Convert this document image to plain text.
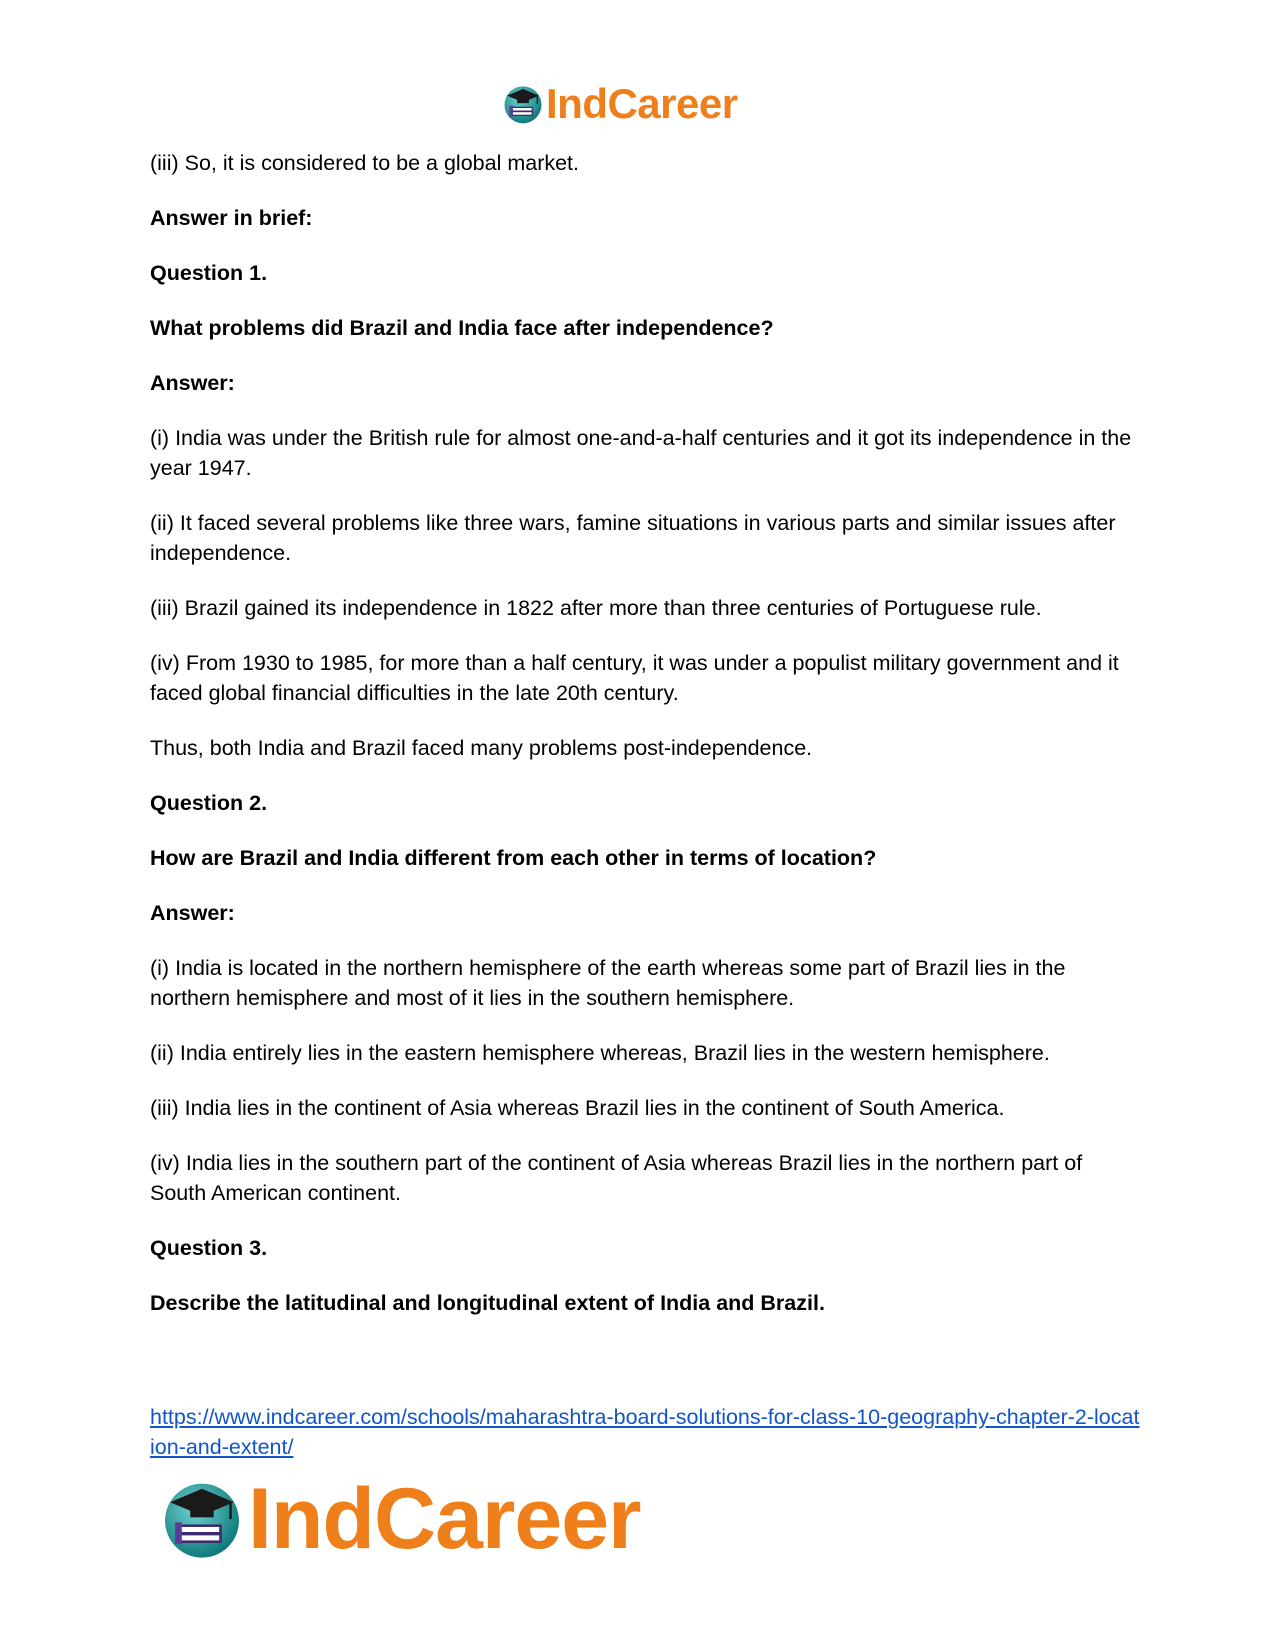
IndCareer

(iii) So, it is considered to be a global market.

Answer in brief:

Question 1.

What problems did Brazil and India face after independence?

Answer:

(i) India was under the British rule for almost one-and-a-half centuries and it got its independence in the year 1947.

(ii) It faced several problems like three wars, famine situations in various parts and similar issues after independence.

(iii) Brazil gained its independence in 1822 after more than three centuries of Portuguese rule.

(iv) From 1930 to 1985, for more than a half century, it was under a populist military government and it faced global financial difficulties in the late 20th century.

Thus, both India and Brazil faced many problems post-independence.

Question 2.

How are Brazil and India different from each other in terms of location?

Answer:

(i) India is located in the northern hemisphere of the earth whereas some part of Brazil lies in the northern hemisphere and most of it lies in the southern hemisphere.

(ii) India entirely lies in the eastern hemisphere whereas, Brazil lies in the western hemisphere.

(iii) India lies in the continent of Asia whereas Brazil lies in the continent of South America.

(iv) India lies in the southern part of the continent of Asia whereas Brazil lies in the northern part of South American continent.

Question 3.

Describe the latitudinal and longitudinal extent of India and Brazil.

https://www.indcareer.com/schools/maharashtra-board-solutions-for-class-10-geography-chapter-2-location-and-extent/
IndCareer
